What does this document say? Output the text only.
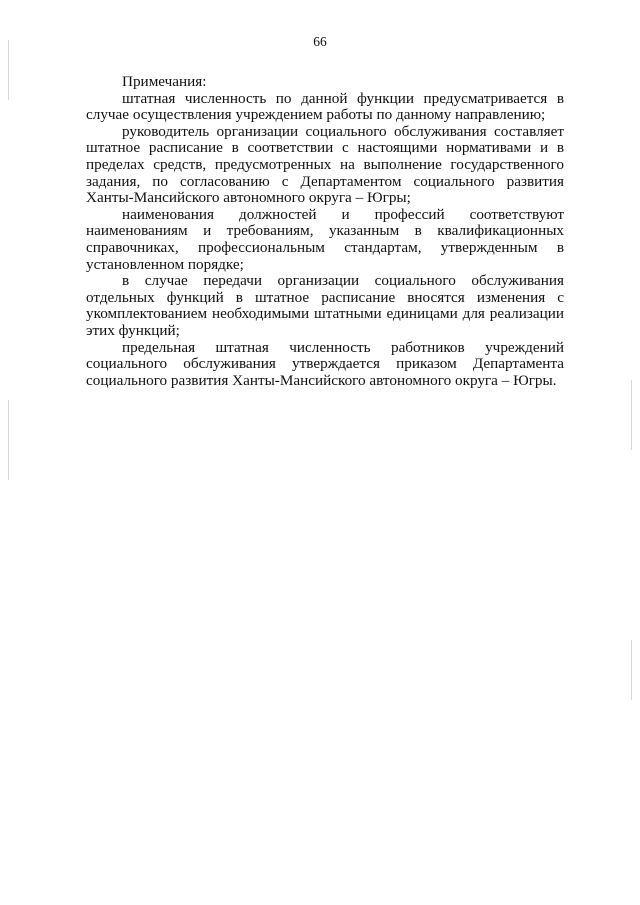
66

Примечания:

штатная численность по данной функции предусматривается в случае осуществления учреждением работы по данному направлению;

руководитель организации социального обслуживания составляет штатное расписание в соответствии с настоящими нормативами и в пределах средств, предусмотренных на выполнение государственного задания, по согласованию с Департаментом социального развития Ханты-Мансийского автономного округа – Югры;

наименования должностей и профессий соответствуют наименованиям и требованиям, указанным в квалификационных справочниках, профессиональным стандартам, утвержденным в установленном порядке;

в случае передачи организации социального обслуживания отдельных функций в штатное расписание вносятся изменения с укомплектованием необходимыми штатными единицами для реализации этих функций;

предельная штатная численность работников учреждений социального обслуживания утверждается приказом Департамента социального развития Ханты-Мансийского автономного округа – Югры.
